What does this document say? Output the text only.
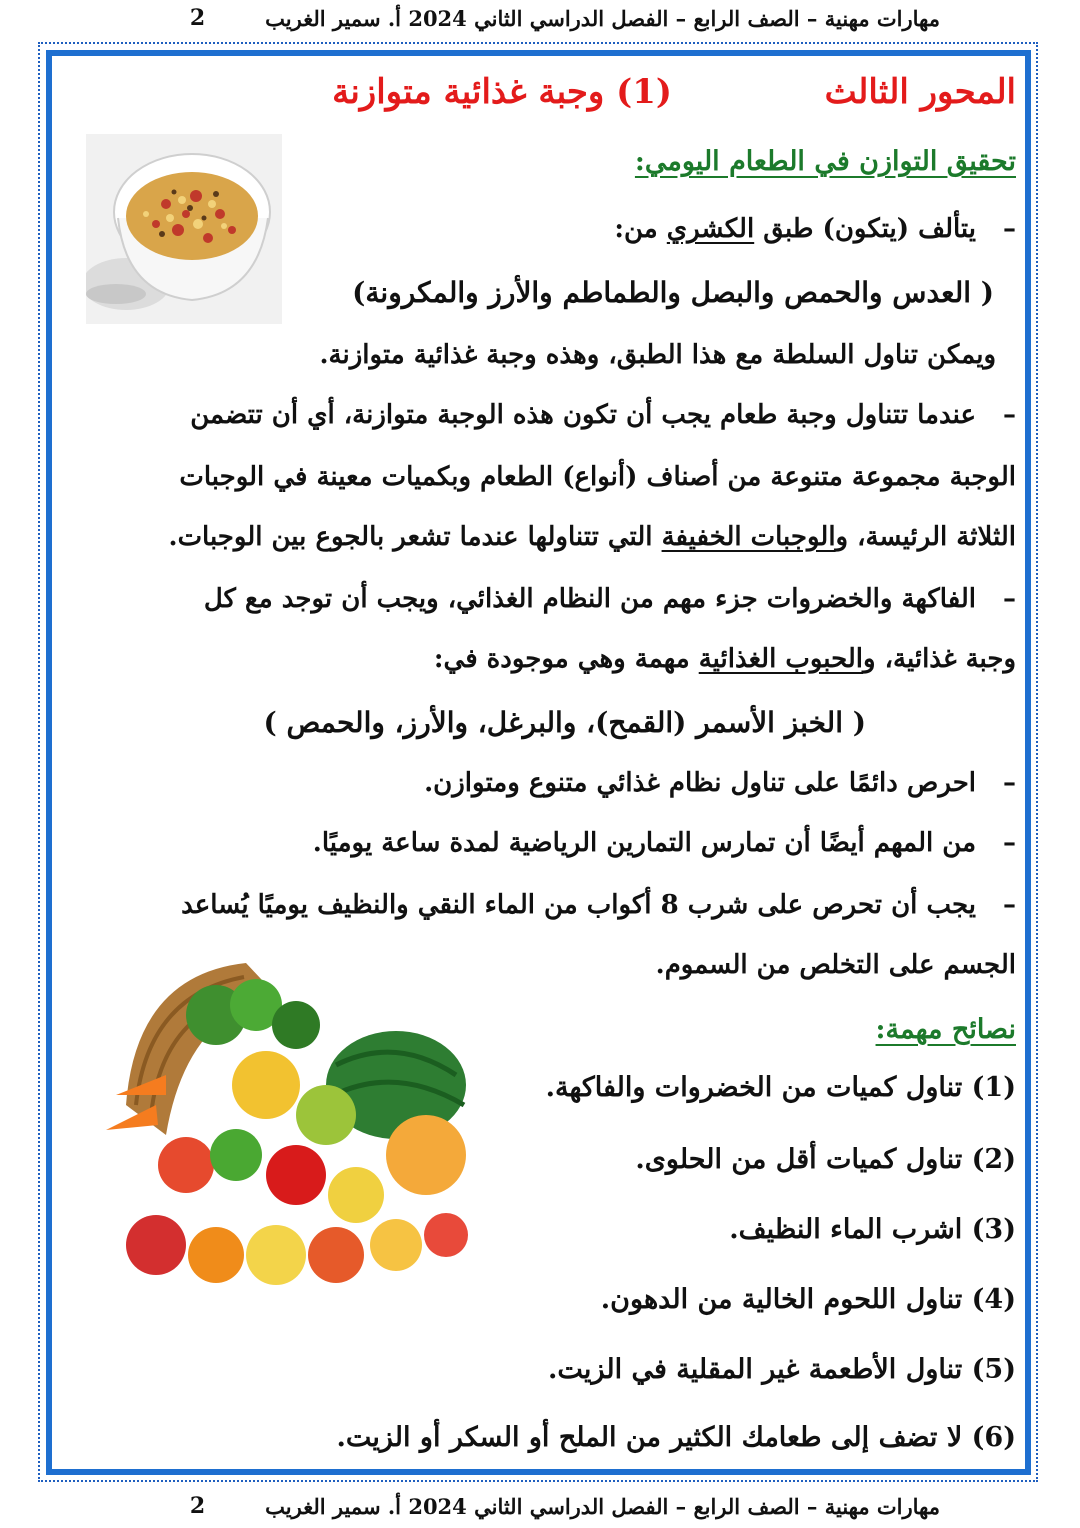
مهارات مهنية – الصف الرابع – الفصل الدراسي الثاني 2024 أ. سمير الغريب
2
المحور الثالث
(1) وجبة غذائية متوازنة
تحقيق التوازن في الطعام اليومي:
–يتألف (يتكون) طبق الكشري من:
( العدس والحمص والبصل والطماطم والأرز والمكرونة)
ويمكن تناول السلطة مع هذا الطبق، وهذه وجبة غذائية متوازنة.
–عندما تتناول وجبة طعام يجب أن تكون هذه الوجبة متوازنة، أي أن تتضمن
الوجبة مجموعة متنوعة من أصناف (أنواع) الطعام وبكميات معينة في الوجبات
الثلاثة الرئيسة، والوجبات الخفيفة التي تتناولها عندما تشعر بالجوع بين الوجبات.
–الفاكهة والخضروات جزء مهم من النظام الغذائي، ويجب أن توجد مع كل
وجبة غذائية، والحبوب الغذائية مهمة وهي موجودة في:
( الخبز الأسمر (القمح)، والبرغل، والأرز، والحمص )
–احرص دائمًا على تناول نظام غذائي متنوع ومتوازن.
–من المهم أيضًا أن تمارس التمارين الرياضية لمدة ساعة يوميًا.
–يجب أن تحرص على شرب 8 أكواب من الماء النقي والنظيف يوميًا يُساعد
الجسم على التخلص من السموم.
نصائح مهمة:
(1) تناول كميات من الخضروات والفاكهة.
(2) تناول كميات أقل من الحلوى.
(3) اشرب الماء النظيف.
(4) تناول اللحوم الخالية من الدهون.
(5) تناول الأطعمة غير المقلية في الزيت.
(6) لا تضف إلى طعامك الكثير من الملح أو السكر أو الزيت.
مهارات مهنية – الصف الرابع – الفصل الدراسي الثاني 2024 أ. سمير الغريب
2
